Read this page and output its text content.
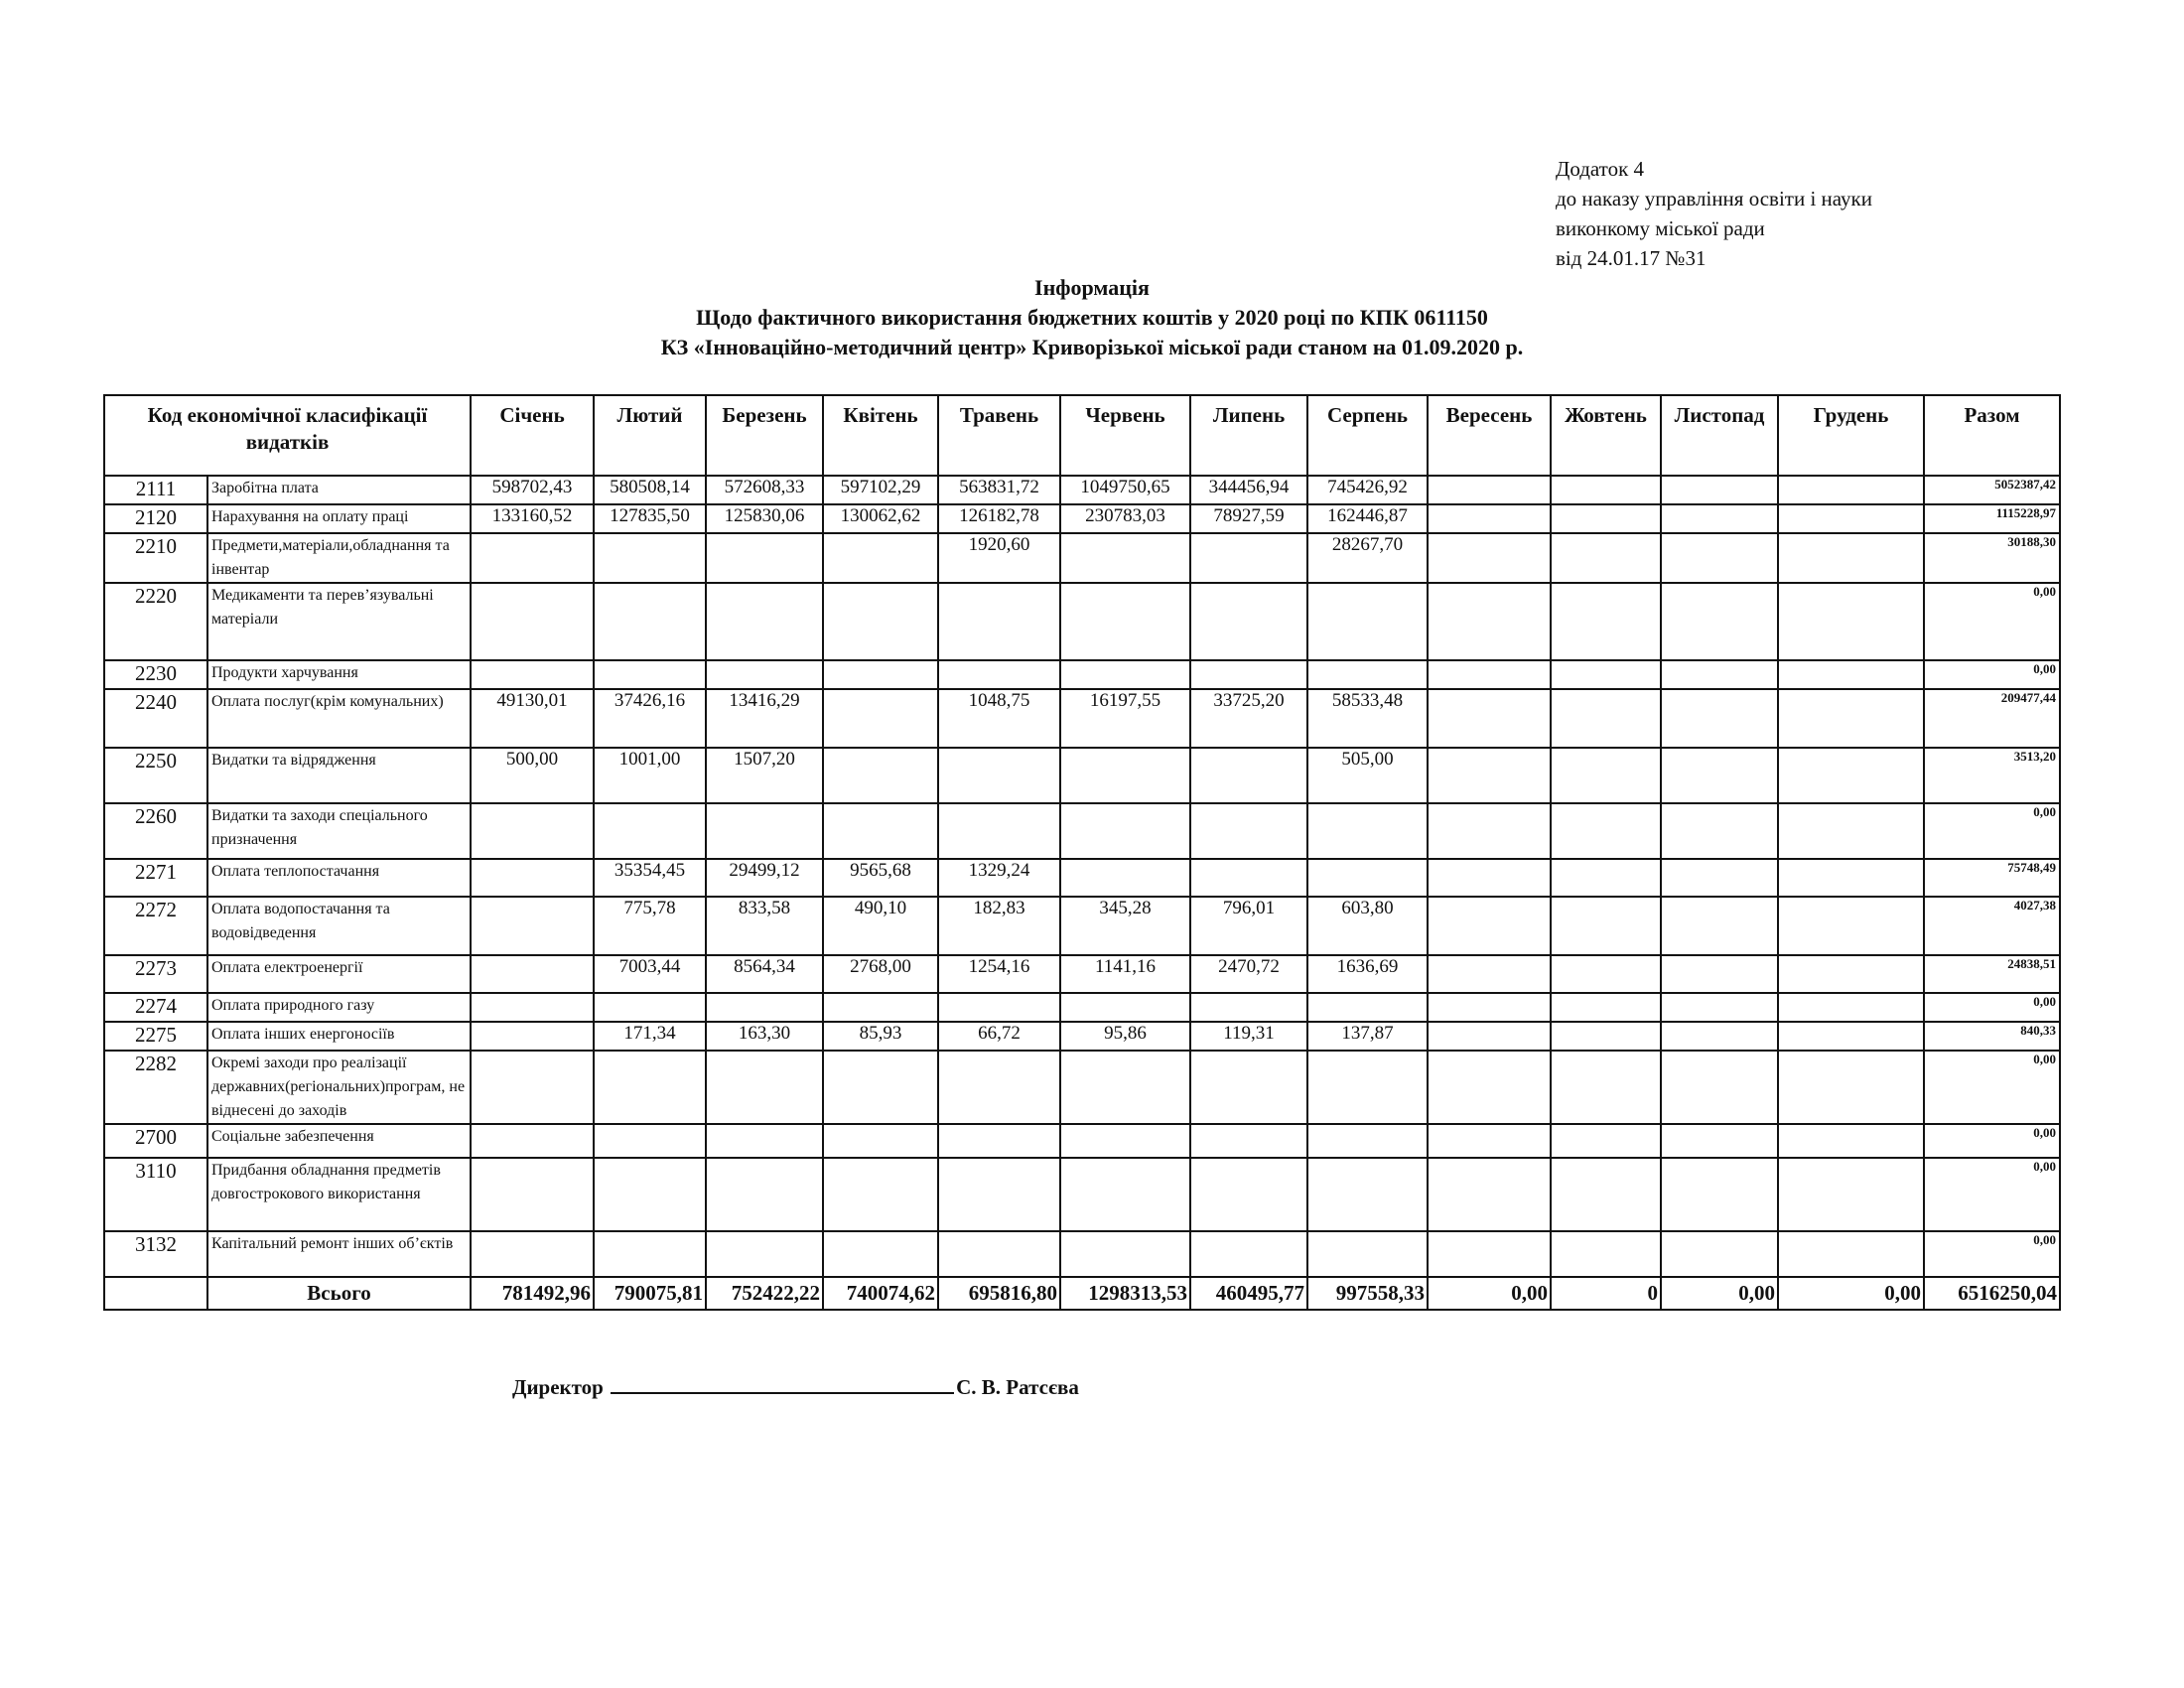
Додаток 4
до наказу управління освіти і науки
виконкому міської ради
від 24.01.17 №31
Інформація
Щодо фактичного використання бюджетних коштів у 2020 році по КПК 0611150
КЗ «Інноваційно-методичний центр» Криворізької міської ради станом на 01.09.2020 р.
Код економічної класифікації видатків		Січень	Лютий	Березень	Квітень	Травень	Червень	Липень	Серпень	Вересень	Жовтень	Листопад	Грудень	Разом
2111	Заробітна плата	598702,43	580508,14	572608,33	597102,29	563831,72	1049750,65	344456,94	745426,92					5052387,42
2120	Нарахування на оплату праці	133160,52	127835,50	125830,06	130062,62	126182,78	230783,03	78927,59	162446,87					1115228,97
2210	Предмети,матеріали,обладнання та інвентар					1920,60			28267,70					30188,30
2220	Медикаменти та перев’язувальні матеріали													0,00
2230	Продукти харчування													0,00
2240	Оплата послуг(крім комунальних)	49130,01	37426,16	13416,29		1048,75	16197,55	33725,20	58533,48					209477,44
2250	Видатки та відрядження	500,00	1001,00	1507,20					505,00					3513,20
2260	Видатки та заходи спеціального призначення													0,00
2271	Оплата теплопостачання		35354,45	29499,12	9565,68	1329,24								75748,49
2272	Оплата водопостачання та водовідведення		775,78	833,58	490,10	182,83	345,28	796,01	603,80					4027,38
2273	Оплата електроенергії		7003,44	8564,34	2768,00	1254,16	1141,16	2470,72	1636,69					24838,51
2274	Оплата природного газу													0,00
2275	Оплата інших енергоносіїв		171,34	163,30	85,93	66,72	95,86	119,31	137,87					840,33
2282	Окремі заходи про реалізації державних(регіональних)програм, не віднесені до заходів													0,00
2700	Соціальне забезпечення													0,00
3110	Придбання обладнання предметів довгострокового використання													0,00
3132	Капітальний ремонт інших об’єктів													0,00
	Всього	781492,96	790075,81	752422,22	740074,62	695816,80	1298313,53	460495,77	997558,33	0,00	0	0,00	0,00	6516250,04
Директор	С. В. Ратсєва
